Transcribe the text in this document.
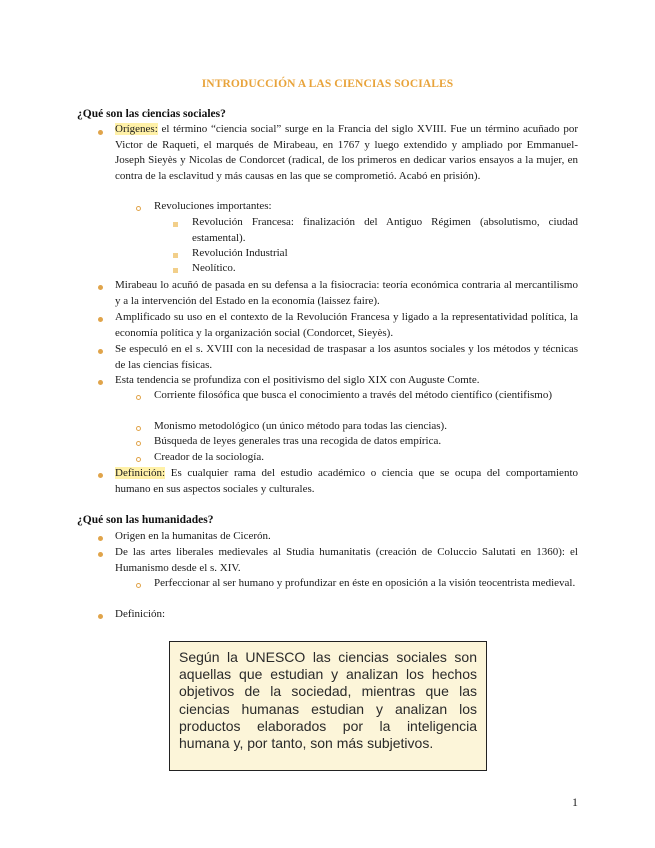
INTRODUCCIÓN A LAS CIENCIAS SOCIALES
¿Qué son las ciencias sociales?
Orígenes: el término “ciencia social” surge en la Francia del siglo XVIII. Fue un término acuñado por Victor de Raqueti, el marqués de Mirabeau, en 1767 y luego extendido y ampliado por Emmanuel-Joseph Sieyès y Nicolas de Condorcet (radical, de los primeros en dedicar varios ensayos a la mujer, en contra de la esclavitud y más causas en las que se comprometió. Acabó en prisión).
Revoluciones importantes:
Revolución Francesa: finalización del Antiguo Régimen (absolutismo, ciudad estamental).
Revolución Industrial
Neolítico.
Mirabeau lo acuñó de pasada en su defensa a la fisiocracia: teoría económica contraria al mercantilismo y a la intervención del Estado en la economía (laissez faire).
Amplificado su uso en el contexto de la Revolución Francesa y ligado a la representatividad política, la economía política y la organización social (Condorcet, Sieyès).
Se especuló en el s. XVIII con la necesidad de traspasar a los asuntos sociales y los métodos y técnicas de las ciencias físicas.
Esta tendencia se profundiza con el positivismo del siglo XIX con Auguste Comte.
Corriente filosófica que busca el conocimiento a través del método científico (cientifismo)
Monismo metodológico (un único método para todas las ciencias).
Búsqueda de leyes generales tras una recogida de datos empírica.
Creador de la sociología.
Definición: Es cualquier rama del estudio académico o ciencia que se ocupa del comportamiento humano en sus aspectos sociales y culturales.
¿Qué son las humanidades?
Origen en la humanitas de Cicerón.
De las artes liberales medievales al Studia humanitatis (creación de Coluccio Salutati en 1360): el Humanismo desde el s. XIV.
Perfeccionar al ser humano y profundizar en éste en oposición a la visión teocentrista medieval.
Definición:
Según la UNESCO las ciencias sociales son aquellas que estudian y analizan los hechos objetivos de la sociedad, mientras que las ciencias humanas estudian y analizan los productos elaborados por la inteligencia humana y, por tanto, son más subjetivos.
1
